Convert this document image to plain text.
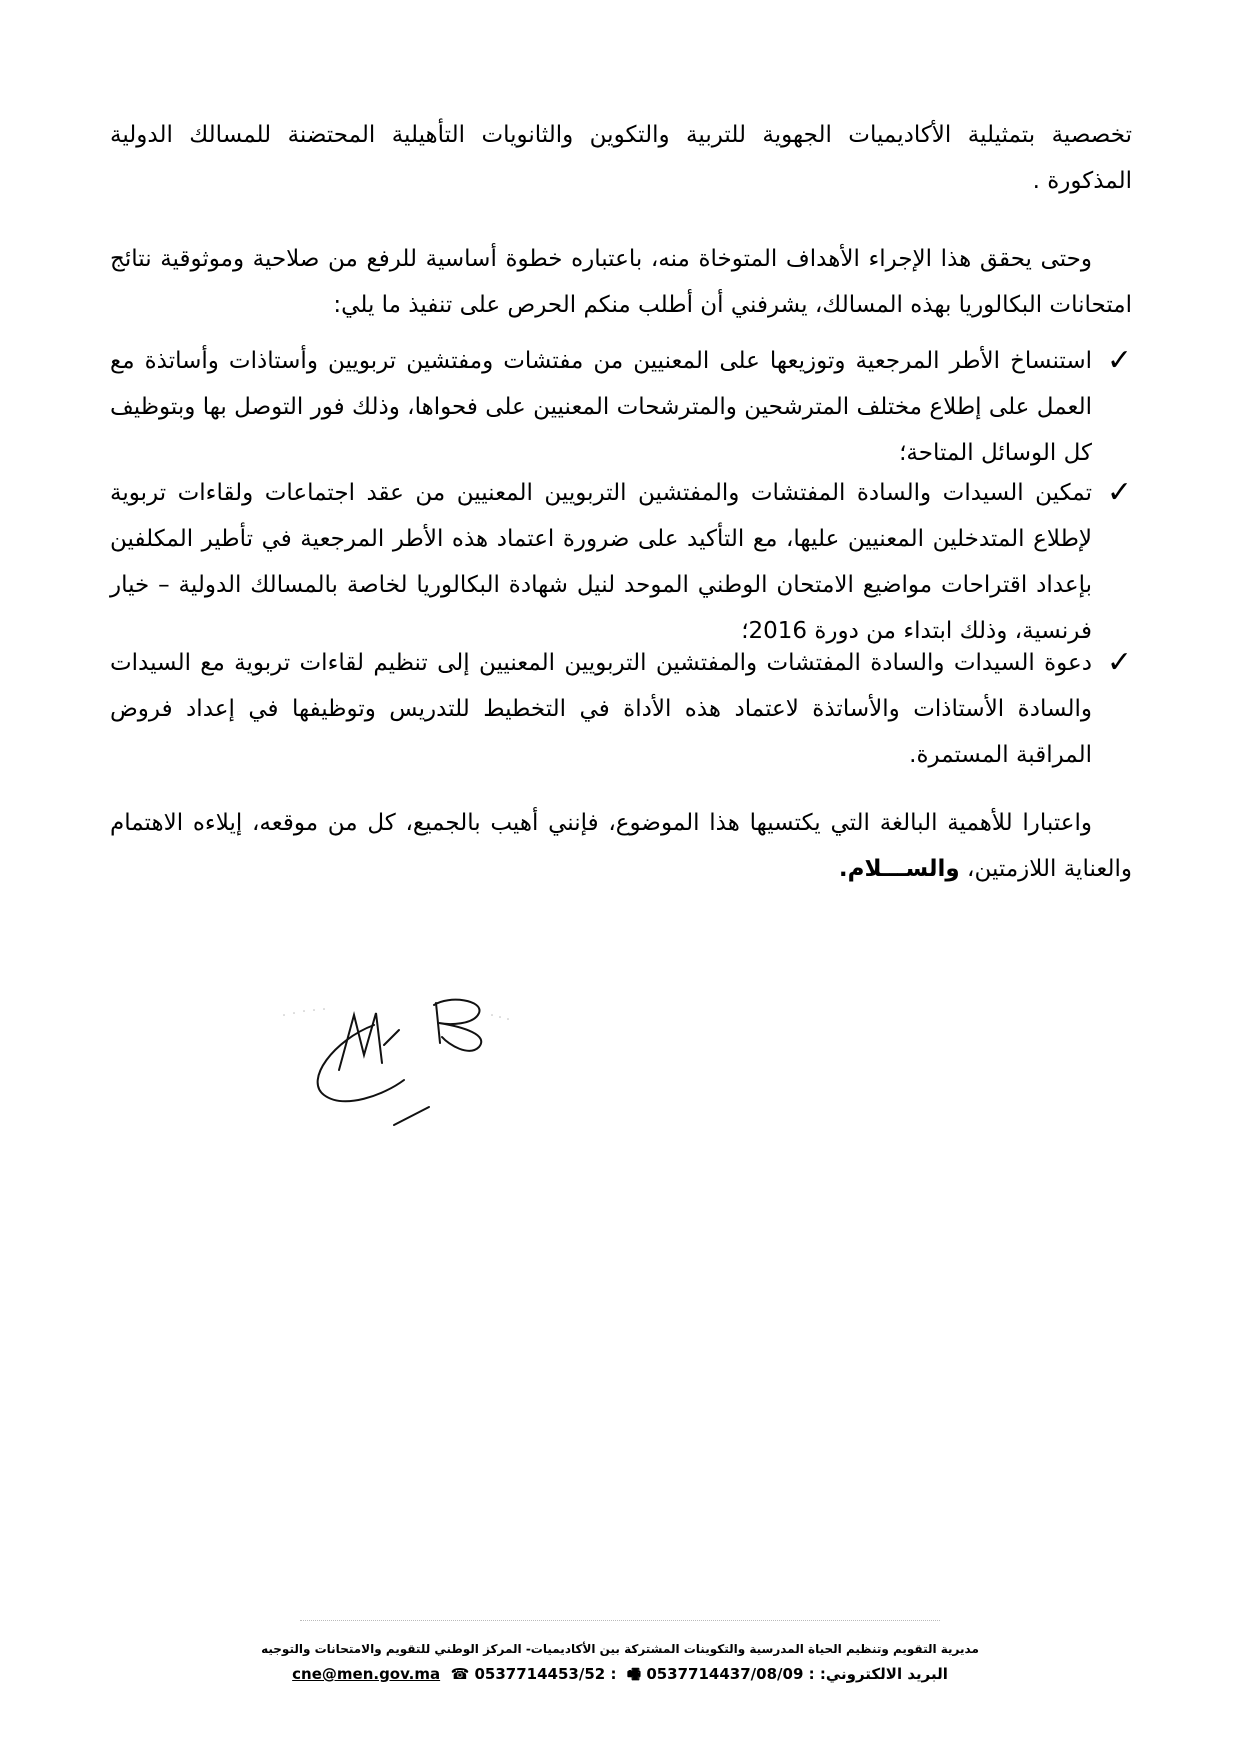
تخصصية بتمثيلية الأكاديميات الجهوية للتربية والتكوين والثانويات التأهيلية المحتضنة للمسالك الدولية المذكورة .

وحتى يحقق هذا الإجراء الأهداف المتوخاة منه، باعتباره خطوة أساسية للرفع من صلاحية وموثوقية نتائج امتحانات البكالوريا بهذه المسالك، يشرفني أن أطلب منكم الحرص على تنفيذ ما يلي:

✓

استنساخ الأطر المرجعية وتوزيعها على المعنيين من مفتشات ومفتشين تربويين وأستاذات وأساتذة مع العمل على إطلاع مختلف المترشحين والمترشحات المعنيين على فحواها، وذلك فور التوصل بها وبتوظيف كل الوسائل المتاحة؛

✓

تمكين السيدات والسادة المفتشات والمفتشين التربويين المعنيين من عقد اجتماعات ولقاءات تربوية لإطلاع المتدخلين المعنيين عليها، مع التأكيد على ضرورة اعتماد هذه الأطر المرجعية في تأطير المكلفين بإعداد اقتراحات مواضيع الامتحان الوطني الموحد لنيل شهادة البكالوريا لخاصة بالمسالك الدولية – خيار فرنسية، وذلك ابتداء من دورة 2016؛

✓

دعوة السيدات والسادة المفتشات والمفتشين التربويين المعنيين إلى تنظيم لقاءات تربوية مع السيدات والسادة الأستاذات والأساتذة لاعتماد هذه الأداة في التخطيط للتدريس وتوظيفها في إعداد فروض المراقبة المستمرة.

واعتبارا للأهمية البالغة التي يكتسيها هذا الموضوع، فإنني أهيب بالجميع، كل من موقعه، إيلاءه الاهتمام والعناية اللازمتين، والســـلام.

مديرية التقويم وتنظيم الحياة المدرسية والتكوينات المشتركة بين الأكاديميات- المركز الوطني للتقويم والامتحانات والتوجيه
البريد الالكتروني: cne@men.gov.ma ☎ 0537714453/52 : 🖷 0537714437/08/09 :
